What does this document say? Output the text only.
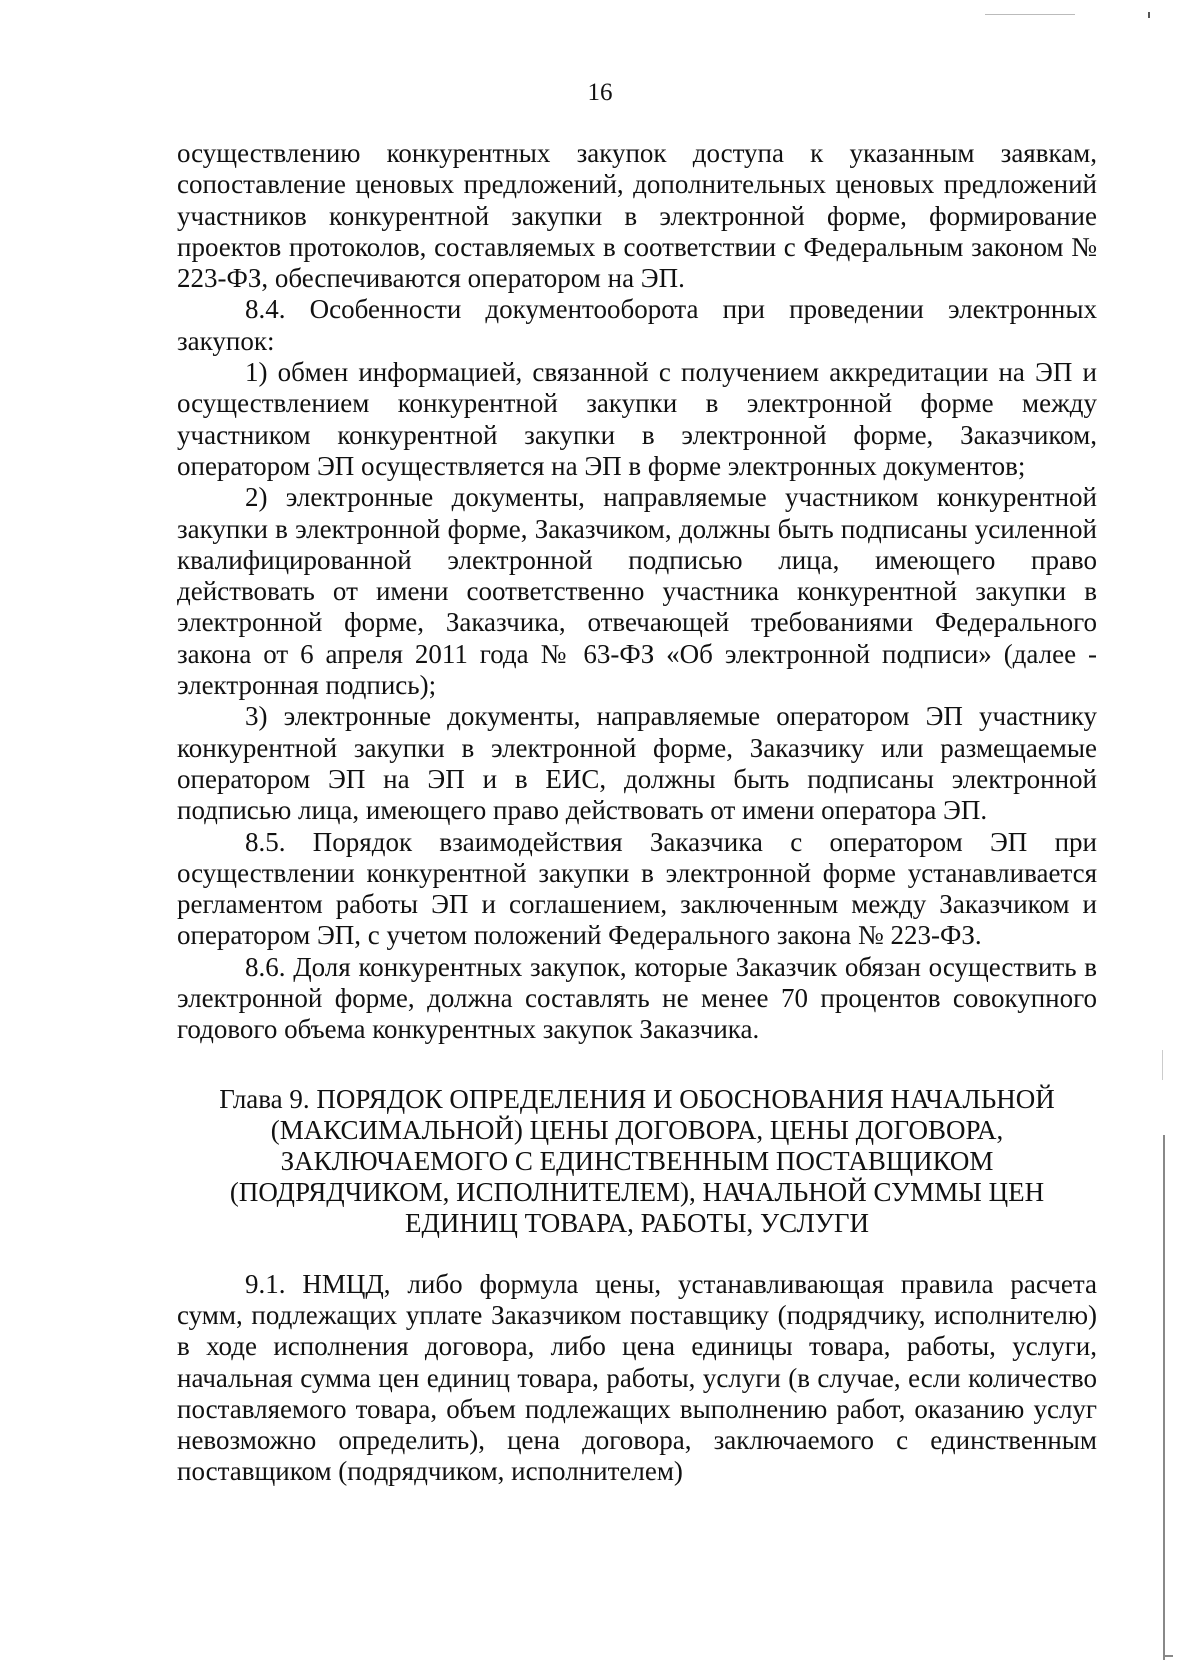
16

осуществлению конкурентных закупок доступа к указанным заявкам, сопоставление ценовых предложений, дополнительных ценовых предложений участников конкурентной закупки в электронной форме, формирование проектов протоколов, составляемых в соответствии с Федеральным законом № 223-ФЗ, обеспечиваются оператором на ЭП.

8.4. Особенности документооборота при проведении электронных закупок:

1) обмен информацией, связанной с получением аккредитации на ЭП и осуществлением конкурентной закупки в электронной форме между участником конкурентной закупки в электронной форме, Заказчиком, оператором ЭП осуществляется на ЭП в форме электронных документов;

2) электронные документы, направляемые участником конкурентной закупки в электронной форме, Заказчиком, должны быть подписаны усиленной квалифицированной электронной подписью лица, имеющего право действовать от имени соответственно участника конкурентной закупки в электронной форме, Заказчика, отвечающей требованиями Федерального закона от 6 апреля 2011 года № 63-ФЗ «Об электронной подписи» (далее - электронная подпись);

3) электронные документы, направляемые оператором ЭП участнику конкурентной закупки в электронной форме, Заказчику или размещаемые оператором ЭП на ЭП и в ЕИС, должны быть подписаны электронной подписью лица, имеющего право действовать от имени оператора ЭП.

8.5. Порядок взаимодействия Заказчика с оператором ЭП при осуществлении конкурентной закупки в электронной форме устанавливается регламентом работы ЭП и соглашением, заключенным между Заказчиком и оператором ЭП, с учетом положений Федерального закона № 223-ФЗ.

8.6. Доля конкурентных закупок, которые Заказчик обязан осуществить в электронной форме, должна составлять не менее 70 процентов совокупного годового объема конкурентных закупок Заказчика.

Глава 9. ПОРЯДОК ОПРЕДЕЛЕНИЯ И ОБОСНОВАНИЯ НАЧАЛЬНОЙ (МАКСИМАЛЬНОЙ) ЦЕНЫ ДОГОВОРА, ЦЕНЫ ДОГОВОРА, ЗАКЛЮЧАЕМОГО С ЕДИНСТВЕННЫМ ПОСТАВЩИКОМ (ПОДРЯДЧИКОМ, ИСПОЛНИТЕЛЕМ), НАЧАЛЬНОЙ СУММЫ ЦЕН ЕДИНИЦ ТОВАРА, РАБОТЫ, УСЛУГИ

9.1. НМЦД, либо формула цены, устанавливающая правила расчета сумм, подлежащих уплате Заказчиком поставщику (подрядчику, исполнителю) в ходе исполнения договора, либо цена единицы товара, работы, услуги, начальная сумма цен единиц товара, работы, услуги (в случае, если количество поставляемого товара, объем подлежащих выполнению работ, оказанию услуг невозможно определить), цена договора, заключаемого с единственным поставщиком (подрядчиком, исполнителем)
